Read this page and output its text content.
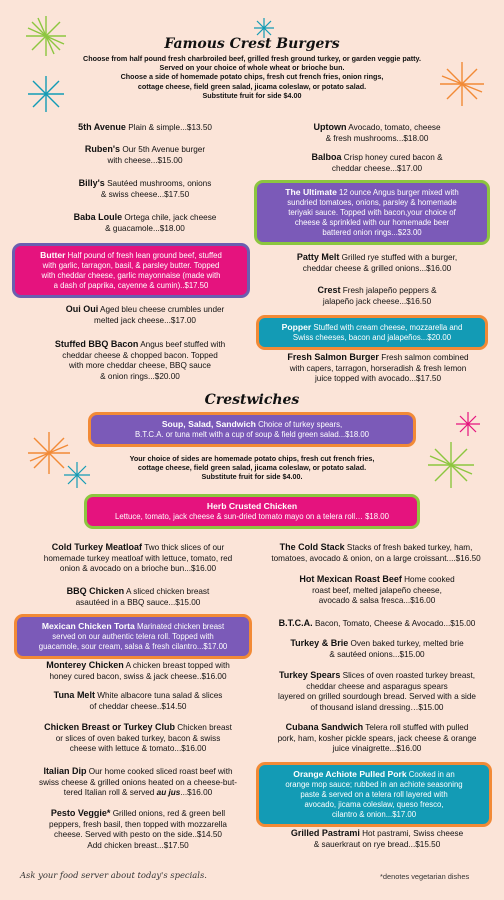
Famous Crest Burgers
Choose from half pound fresh charbroiled beef, grilled fresh ground turkey, or garden veggie patty.
Served on your choice of whole wheat or brioche bun.
Choose a side of homemade potato chips, fresh cut french fries, onion rings,
cottage cheese, field green salad, jicama coleslaw, or potato salad.
Substitute fruit for side $4.00
5th Avenue Plain & simple...$13.50
Ruben's Our 5th Avenue burger
with cheese...$15.00
Billy's Sautéed mushrooms, onions
& swiss cheese...$17.50
Baba Loule Ortega chile, jack cheese
& guacamole...$18.00
Butter Half pound of fresh lean ground beef, stuffed
with garlic, tarragon, basil, & parsley butter. Topped
with cheddar cheese, garlic mayonnaise (made with
a dash of paprika, cayenne & cumin)..$17.50
Oui Oui Aged bleu cheese crumbles under
melted jack cheese...$17.00
Stuffed BBQ Bacon Angus beef stuffed with
cheddar cheese & chopped bacon. Topped
with more cheddar cheese, BBQ sauce
& onion rings...$20.00
Uptown Avocado, tomato, cheese
& fresh mushrooms...$18.00
Balboa Crisp honey cured bacon &
cheddar cheese...$17.00
The Ultimate 12 ounce Angus burger mixed with
sundried tomatoes, onions, parsley & homemade
teriyaki sauce. Topped with bacon,your choice of
cheese & sprinkled with our homemade beer
battered onion rings...$23.00
Patty Melt Grilled rye stuffed with a burger,
cheddar cheese & grilled onions...$16.00
Crest Fresh jalapeño peppers &
jalapeño jack cheese...$16.50
Popper Stuffed with cream cheese, mozzarella and
Swiss cheeses, bacon and jalapeños...$20.00
Fresh Salmon Burger Fresh salmon combined
with capers, tarragon, horseradish & fresh lemon
juice topped with avocado...$17.50
Crestwiches
Soup, Salad, Sandwich Choice of turkey spears,
B.T.C.A. or tuna melt with a cup of soup & field green salad...$18.00
Your choice of sides are homemade potato chips, fresh cut french fries,
cottage cheese, field green salad, jicama coleslaw, or potato salad.
Substitute fruit for side $4.00.
Herb Crusted Chicken
Lettuce, tomato, jack cheese & sun-dried tomato mayo on a telera roll… $18.00
Cold Turkey Meatloaf Two thick slices of our
homemade turkey meatloaf with lettuce, tomato, red
onion & avocado on a brioche bun...$16.00
BBQ Chicken A sliced chicken breast
asautéed in a BBQ sauce...$15.00
Mexican Chicken Torta Marinated chicken breast
served on our authentic telera roll. Topped with
guacamole, sour cream, salsa & fresh cilantro...$17.00
Monterey Chicken A chicken breast topped with
honey cured bacon, swiss & jack cheese..$16.00
Tuna Melt White albacore tuna salad & slices
of cheddar cheese..$14.50
Chicken Breast or Turkey Club Chicken breast
or slices of oven baked turkey, bacon & swiss
cheese with lettuce & tomato...$16.00
Italian Dip Our home cooked sliced roast beef with
swiss cheese & grilled onions heated on a cheese-but-
tered Italian roll & served au jus...$16.00
Pesto Veggie* Grilled onions, red & green bell
peppers, fresh basil, then topped with mozzarella
cheese. Served with pesto on the side..$14.50
Add chicken breast...$17.50
The Cold Stack Stacks of fresh baked turkey, ham,
tomatoes, avocado & onion, on a large croissant....$16.50
Hot Mexican Roast Beef Home cooked
roast beef, melted jalapeño cheese,
avocado & salsa fresca...$16.00
B.T.C.A. Bacon, Tomato, Cheese & Avocado...$15.00
Turkey & Brie Oven baked turkey, melted brie
& sautéed onions...$15.00
Turkey Spears Slices of oven roasted turkey breast,
cheddar cheese and asparagus spears
layered on grilled sourdough bread. Served with a side
of thousand island dressing…$15.00
Cubana Sandwich Telera roll stuffed with pulled
pork, ham, kosher pickle spears, jack cheese & orange
juice vinaigrette...$16.00
Orange Achiote Pulled Pork Cooked in an
orange mop sauce; rubbed in an achiote seasoning
paste & served on a telera roll layered with
avocado, jicama coleslaw, queso fresco,
cilantro & onion...$17.00
Grilled Pastrami Hot pastrami, Swiss cheese
& sauerkraut on rye bread...$15.50
Ask your food server about today's specials.	*denotes vegetarian dishes
